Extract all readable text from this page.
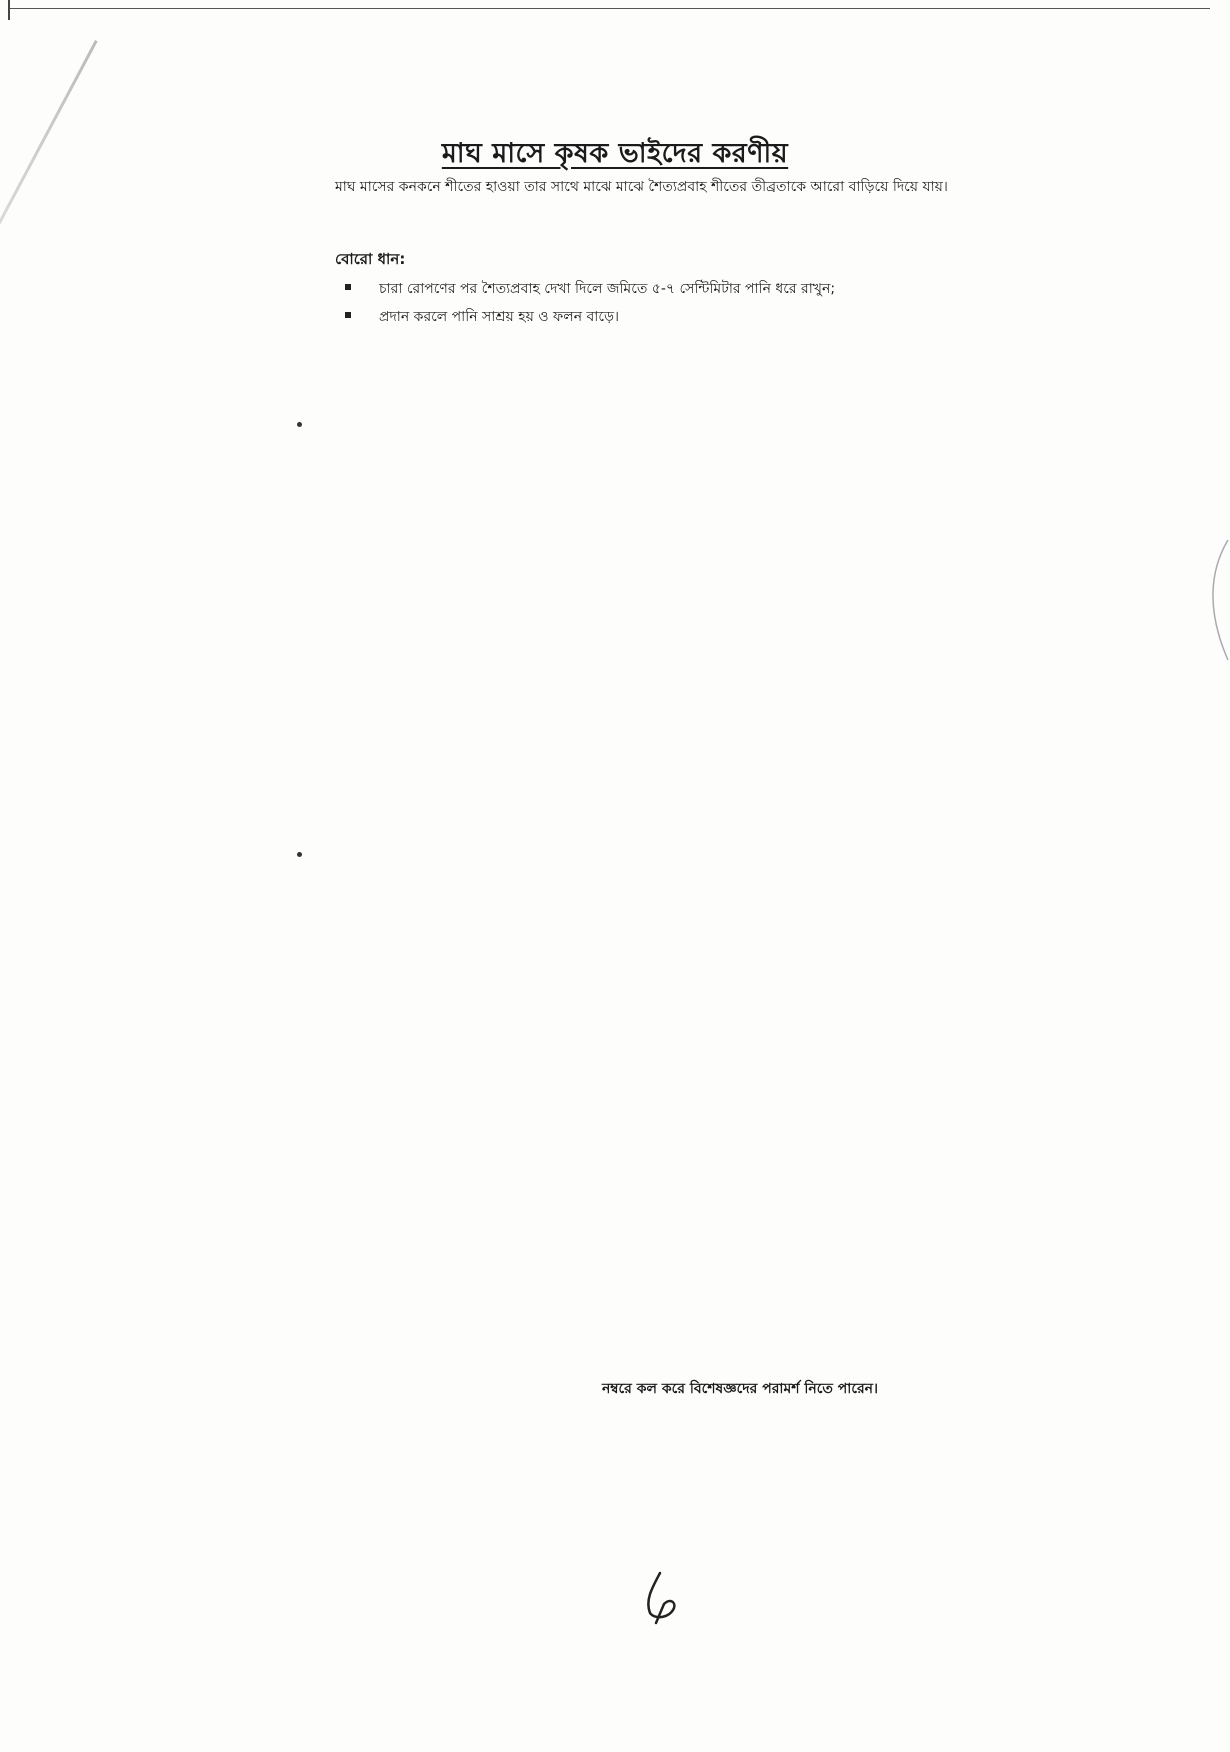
মাঘ মাসে কৃষক ভাইদের করণীয়
মাঘ মাসের কনকনে শীতের হাওয়া তার সাথে মাঝে মাঝে শৈত্যপ্রবাহ শীতের তীব্রতাকে আরো বাড়িয়ে দিয়ে যায়।
বোরো ধান:
চারা রোপণের পর শৈত্যপ্রবাহ দেখা দিলে জমিতে ৫-৭ সেন্টিমিটার পানি ধরে রাখুন;
প্রদান করলে পানি সাশ্রয় হয় ও ফলন বাড়ে।
নম্বরে কল করে বিশেষজ্ঞদের পরামর্শ নিতে পারেন।
